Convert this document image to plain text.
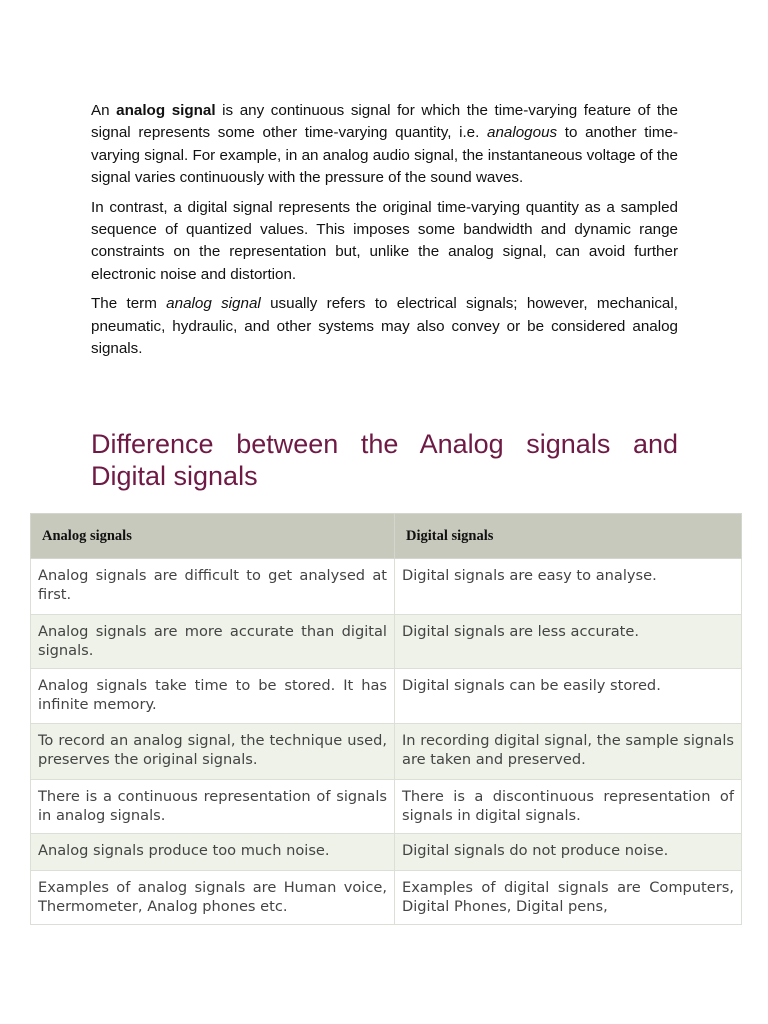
An analog signal is any continuous signal for which the time-varying feature of the signal represents some other time-varying quantity, i.e. analogous to another time-varying signal. For example, in an analog audio signal, the instantaneous voltage of the signal varies continuously with the pressure of the sound waves.

In contrast, a digital signal represents the original time-varying quantity as a sampled sequence of quantized values. This imposes some bandwidth and dynamic range constraints on the representation but, unlike the analog signal, can avoid further electronic noise and distortion.

The term analog signal usually refers to electrical signals; however, mechanical, pneumatic, hydraulic, and other systems may also convey or be considered analog signals.

Difference between the Analog signals and Digital signals
Analog signals	Digital signals
Analog signals are difficult to get analysed at first.	Digital signals are easy to analyse.
Analog signals are more accurate than digital signals.	Digital signals are less accurate.
Analog signals take time to be stored. It has infinite memory.	Digital signals can be easily stored.
To record an analog signal, the technique used, preserves the original signals.	In recording digital signal, the sample signals are taken and preserved.
There is a continuous representation of signals in analog signals.	There is a discontinuous representation of signals in digital signals.
Analog signals produce too much noise.	Digital signals do not produce noise.
Examples of analog signals are Human voice, Thermometer, Analog phones etc.	Examples of digital signals are Computers, Digital Phones, Digital pens,
